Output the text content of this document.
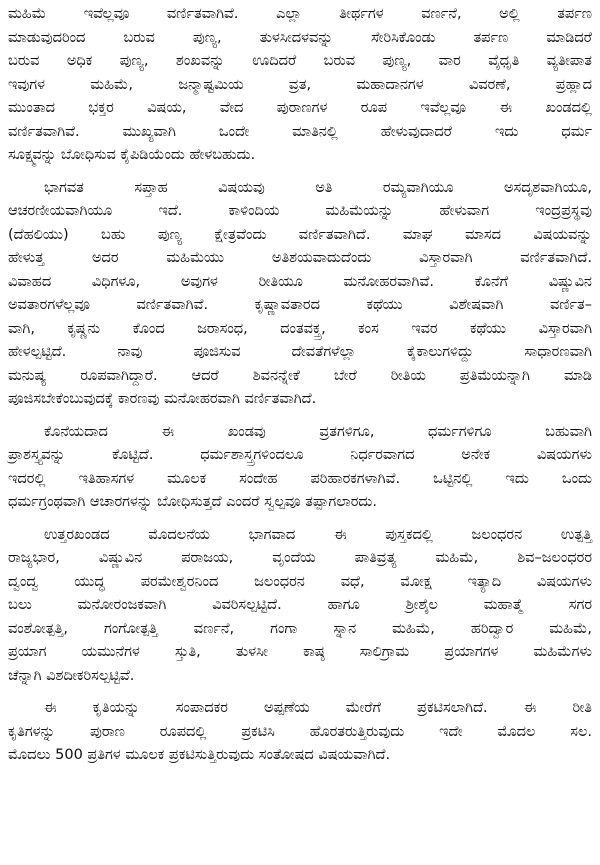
ಮಹಿಮೆ ಇವೆಲ್ಲವೂ ವರ್ಣಿತವಾಗಿವೆ. ಎಲ್ಲಾ ತೀರ್ಥಗಳ ವರ್ಣನೆ, ಅಲ್ಲಿ ತರ್ಪಣ
ಮಾಡುವುದರಿಂದ ಬರುವ ಪುಣ್ಯ, ತುಳಸೀದಳವನ್ನು ಸೇರಿಸಿಕೊಂಡು ತರ್ಪಣ ಮಾಡಿದರೆ
ಬರುವ ಅಧಿಕ ಪುಣ್ಯ, ಶಂಖವನ್ನು ಊದಿದರೆ ಬರುವ ಪುಣ್ಯ, ವಾರ ವೈಧೃತಿ ವ್ಯತೀಪಾತ
ಇವುಗಳ ಮಹಿಮೆ, ಜನ್ಮಾಷ್ಟಮಿಯ ವ್ರತ, ಮಹಾದಾನಗಳ ವಿವರಣೆ, ಪ್ರಹ್ಲಾದ
ಮುಂತಾದ ಭಕ್ತರ ವಿಷಯ, ವೇದ ಪುರಾಣಗಳ ರೂಪ ಇವೆಲ್ಲವೂ ಈ ಖಂಡದಲ್ಲಿ
ವರ್ಣಿತವಾಗಿವೆ. ಮುಖ್ಯವಾಗಿ ಒಂದೇ ಮಾತಿನಲ್ಲಿ ಹೇಳುವುದಾದರೆ ಇದು ಧರ್ಮ
ಸೂಕ್ಷ್ಮವನ್ನು ಬೋಧಿಸುವ ಕೈಪಿಡಿಯೆಂದು ಹೇಳಬಹುದು.

ಭಾಗವತ ಸಪ್ತಾಹ ವಿಷಯವು ಅತಿ ರಮ್ಯವಾಗಿಯೂ ಅಸದೃಶವಾಗಿಯೂ,
ಆಚರಣೀಯವಾಗಿಯೂ ಇದೆ. ಕಾಳಿಂದಿಯ ಮಹಿಮೆಯನ್ನು ಹೇಳುವಾಗ ಇಂದ್ರಪ್ರಸ್ಥವು
(ದೆಹಲಿಯು) ಬಹು ಪುಣ್ಯ ಕ್ಷೇತ್ರವೆಂದು ವರ್ಣಿತವಾಗಿದೆ. ಮಾಘ ಮಾಸದ ವಿಷಯವನ್ನು
ಹೇಳುತ್ತ ಅದರ ಮಹಿಮೆಯು ಅತಿಶಯವಾದುದೆಂದು ವಿಸ್ತಾರವಾಗಿ ವರ್ಣಿತವಾಗಿದೆ.
ವಿವಾಹದ ವಿಧಿಗಳೂ, ಅವುಗಳ ರೀತಿಯೂ ಮನೋಹರವಾಗಿವೆ. ಕೊನೆಗೆ ವಿಷ್ಣುವಿನ
ಅವತಾರಗಳೆಲ್ಲವೂ ವರ್ಣಿತವಾಗಿವೆ. ಕೃಷ್ಣಾವತಾರದ ಕಥೆಯು ವಿಶೇಷವಾಗಿ ವರ್ಣಿತ–
ವಾಗಿ, ಕೃಷ್ಣನು ಕೊಂದ ಜರಾಸಂಧ, ದಂತವಕ್ತ್ರ, ಕಂಸ ಇವರ ಕಥೆಯು ವಿಸ್ತಾರವಾಗಿ
ಹೇಳಲ್ಪಟ್ಟಿದೆ. ನಾವು ಪೂಜಿಸುವ ದೇವತೆಗಳೆಲ್ಲಾ ಕೈಕಾಲುಗಳಿದ್ದು ಸಾಧಾರಣವಾಗಿ
ಮನುಷ್ಯ ರೂಪವಾಗಿದ್ದಾರೆ. ಆದರೆ ಶಿವನನ್ನೇಕೆ ಬೇರೆ ರೀತಿಯ ಪ್ರತಿಮೆಯನ್ನಾಗಿ ಮಾಡಿ
ಪೂಜಿಸಬೇಕೆಂಬುವುದಕ್ಕೆ ಕಾರಣವು ಮನೋಹರವಾಗಿ ವರ್ಣಿತವಾಗಿದೆ.

ಕೊನೆಯದಾದ ಈ ಖಂಡವು ವ್ರತಗಳಿಗೂ, ಧರ್ಮಗಳಿಗೂ ಬಹುವಾಗಿ
ಪ್ರಾಶಸ್ತ್ಯವನ್ನು ಕೊಟ್ಟಿದೆ. ಧರ್ಮಶಾಸ್ತ್ರಗಳಿಂದಲೂ ನಿರ್ಧರವಾಗದ ಅನೇಕ ವಿಷಯಗಳು
ಇದರಲ್ಲಿ ಇತಿಹಾಸಗಳ ಮೂಲಕ ಸಂದೇಹ ಪರಿಹಾರಕಗಳಾಗಿವೆ. ಒಟ್ಟಿನಲ್ಲಿ ಇದು ಒಂದು
ಧರ್ಮಗ್ರಂಥವಾಗಿ ಆಚಾರಗಳನ್ನು ಬೋಧಿಸುತ್ತದೆ ಎಂದರೆ ಸ್ವಲ್ಪವೂ ತಪ್ಪಾಗಲಾರದು.

ಉತ್ತರಖಂಡದ ಮೊದಲನೆಯ ಭಾಗವಾದ ಈ ಪುಸ್ತಕದಲ್ಲಿ ಜಲಂಧರನ ಉತ್ಪತ್ತಿ
ರಾಜ್ಯಭಾರ, ವಿಷ್ಣುವಿನ ಪರಾಜಯ, ವೃಂದೆಯ ಪಾತಿವ್ರತ್ಯ ಮಹಿಮೆ, ಶಿವ–ಜಲಂಧರರ
ದ್ವಂದ್ವ ಯುದ್ಧ ಪರಮೇಶ್ವರನಿಂದ ಜಲಂಧರನ ವಧೆ, ಮೋಕ್ಷ ಇತ್ಯಾದಿ ವಿಷಯಗಳು
ಬಲು ಮನೋರಂಜಕವಾಗಿ ವಿವರಿಸಲ್ಪಟ್ಟಿದೆ. ಹಾಗೂ ಶ್ರೀಶೈಲ ಮಹಾತ್ಮೆ ಸಗರ
ವಂಶೋತ್ಪತ್ತಿ, ಗಂಗೋತ್ಪತ್ತಿ ವರ್ಣನೆ, ಗಂಗಾ ಸ್ನಾನ ಮಹಿಮೆ, ಹರಿದ್ವಾರ ಮಹಿಮೆ,
ಪ್ರಯಾಗ ಯಮುನೆಗಳ ಸ್ತುತಿ, ತುಳಸೀ ಕಾಷ್ಠ ಸಾಲಿಗ್ರಾಮ ಪ್ರಯಾಗಗಳ ಮಹಿಮೆಗಳು
ಚೆನ್ನಾಗಿ ವಿಶದೀಕರಿಸಲ್ಪಟ್ಟಿವೆ.

ಈ ಕೃತಿಯನ್ನು ಸಂಪಾದಕರ ಅಪ್ಪಣೆಯ ಮೇರೆಗೆ ಪ್ರಕಟಿಸಲಾಗಿದೆ. ಈ ರೀತಿ
ಕೃತಿಗಳನ್ನು ಪುರಾಣ ರೂಪದಲ್ಲಿ ಪ್ರಕಟಿಸಿ ಹೊರತರುತ್ತಿರುವುದು ಇದೇ ಮೊದಲ ಸಲ.
ಮೊದಲು 500 ಪ್ರತಿಗಳ ಮೂಲಕ ಪ್ರಕಟಿಸುತ್ತಿರುವುದು ಸಂತೋಷದ ವಿಷಯವಾಗಿದೆ.
